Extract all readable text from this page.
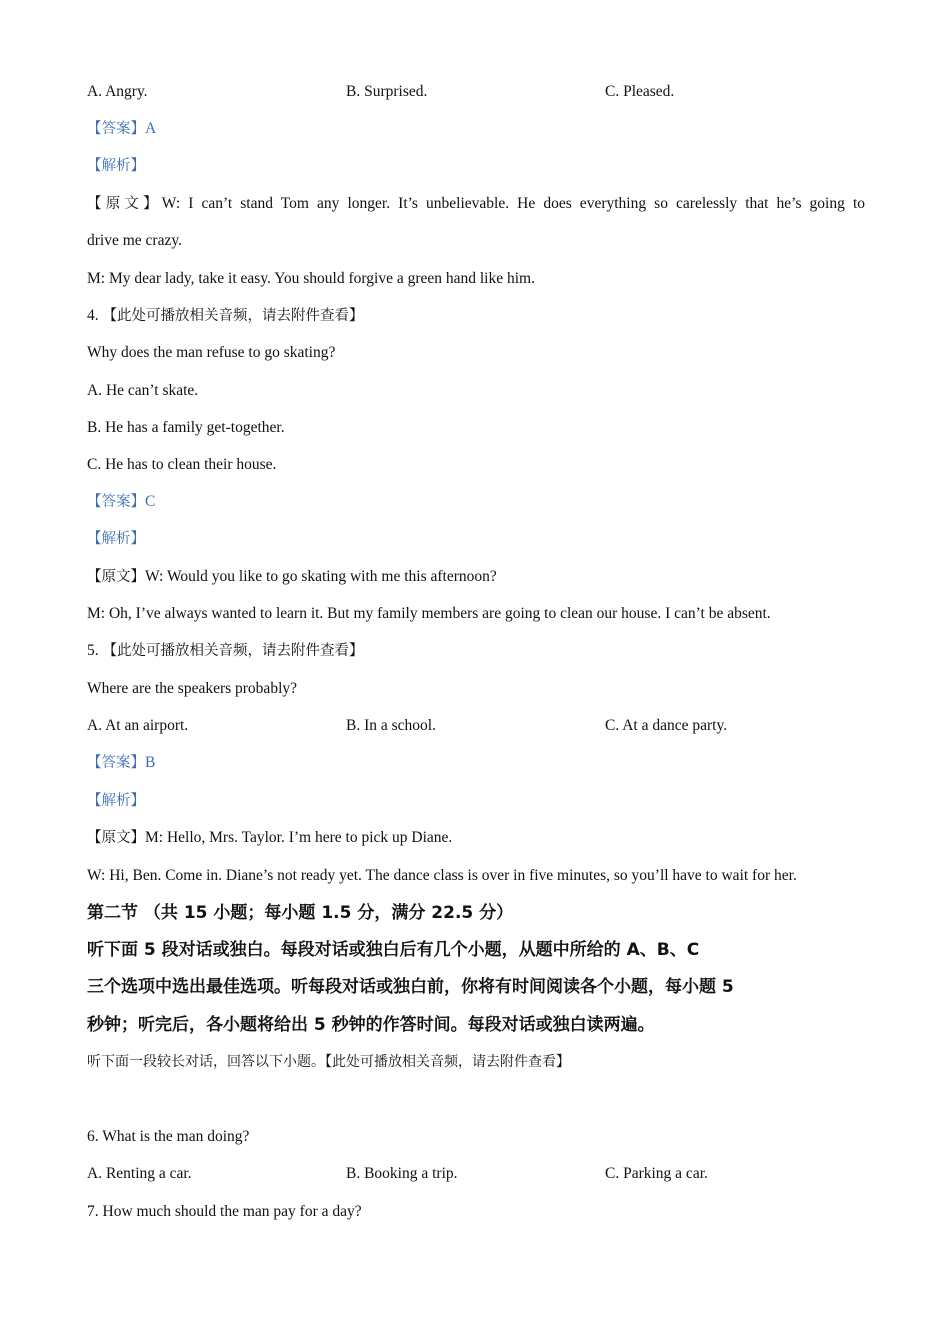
A. Angry.	B. Surprised.	C. Pleased.
【答案】A
【解析】
【原文】W: I can’t stand Tom any longer. It’s unbelievable. He does everything so carelessly that he’s going to
drive me crazy.
M: My dear lady, take it easy. You should forgive a green hand like him.
4. 【此处可播放相关音频，请去附件查看】
Why does the man refuse to go skating?
A. He can’t skate.
B. He has a family get-together.
C. He has to clean their house.
【答案】C
【解析】
【原文】W: Would you like to go skating with me this afternoon?
M: Oh, I’ve always wanted to learn it. But my family members are going to clean our house. I can’t be absent.
5. 【此处可播放相关音频，请去附件查看】
Where are the speakers probably?
A. At an airport.	B. In a school.	C. At a dance party.
【答案】B
【解析】
【原文】M: Hello, Mrs. Taylor. I’m here to pick up Diane.
W: Hi, Ben. Come in. Diane’s not ready yet. The dance class is over in five minutes, so you’ll have to wait for her.
第二节 （共 15 小题；每小题 1.5 分，满分 22.5 分）
听下面 5 段对话或独白。每段对话或独白后有几个小题，从题中所给的 A、B、C
三个选项中选出最佳选项。听每段对话或独白前，你将有时间阅读各个小题，每小题 5
秒钟；听完后，各小题将给出 5 秒钟的作答时间。每段对话或独白读两遍。
听下面一段较长对话，回答以下小题。【此处可播放相关音频，请去附件查看】
6. What is the man doing?
A. Renting a car.	B. Booking a trip.	C. Parking a car.
7. How much should the man pay for a day?
